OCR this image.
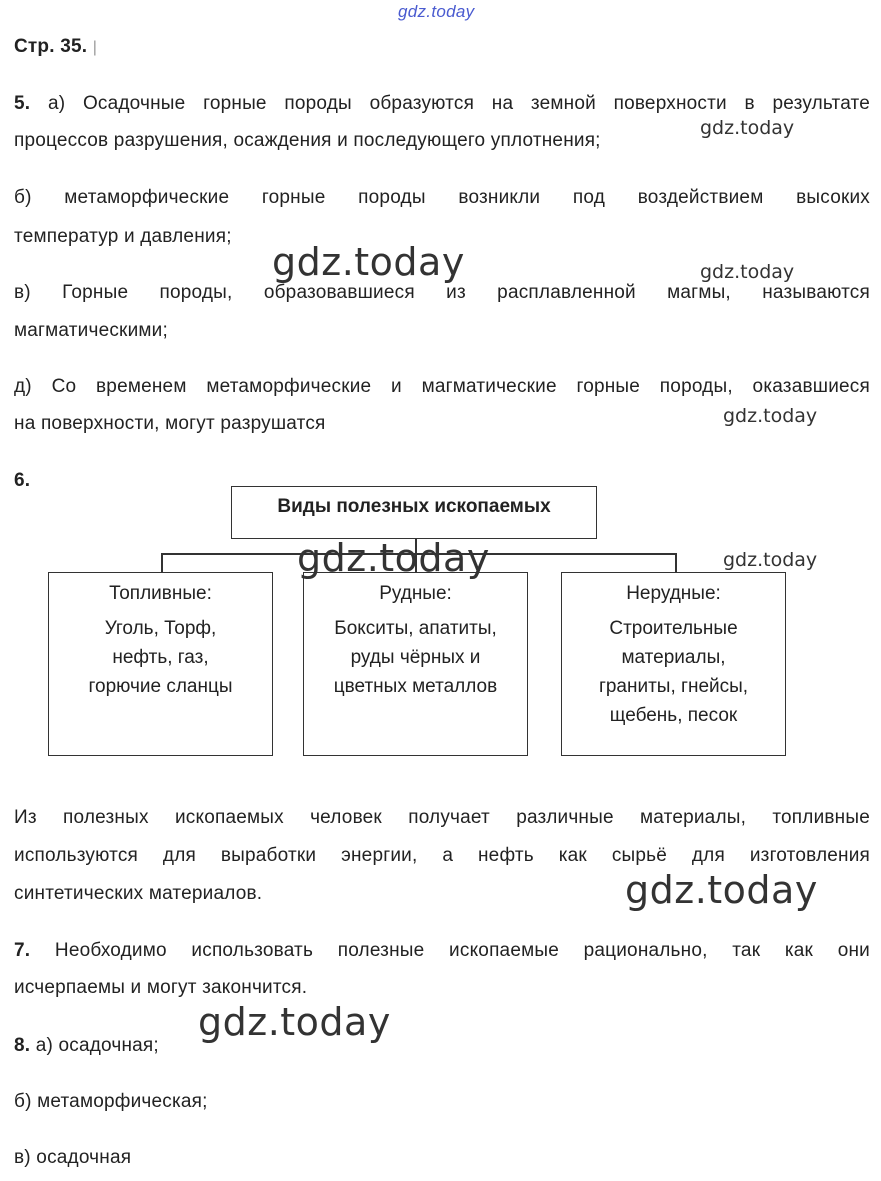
gdz.today
Стр. 35. |
5. а) Осадочные горные породы образуются на земной поверхности в результате
процессов разрушения, осаждения и последующего уплотнения;
б) метаморфические горные породы возникли под воздействием высоких
температур и давления;
в) Горные породы, образовавшиеся из расплавленной магмы, называются
магматическими;
д) Со временем метаморфические и магматические горные породы, оказавшиеся
на поверхности, могут разрушатся
6.
Виды полезных ископаемых
Топливные:
Уголь, Торф,
нефть, газ,
горючие сланцы
Рудные:
Бокситы, апатиты,
руды чёрных и
цветных металлов
Нерудные:
Строительные
материалы,
граниты, гнейсы,
щебень, песок
Из полезных ископаемых человек получает различные материалы, топливные
используются для выработки энергии, а нефть как сырьё для изготовления
синтетических материалов.
7. Необходимо использовать полезные ископаемые рационально, так как они
исчерпаемы и могут закончится.
8. а) осадочная;
б) метаморфическая;
в) осадочная
gdz.today
gdz.today	gdz.today
gdz.today
gdz.today	gdz.today
gdz.today
gdz.today
